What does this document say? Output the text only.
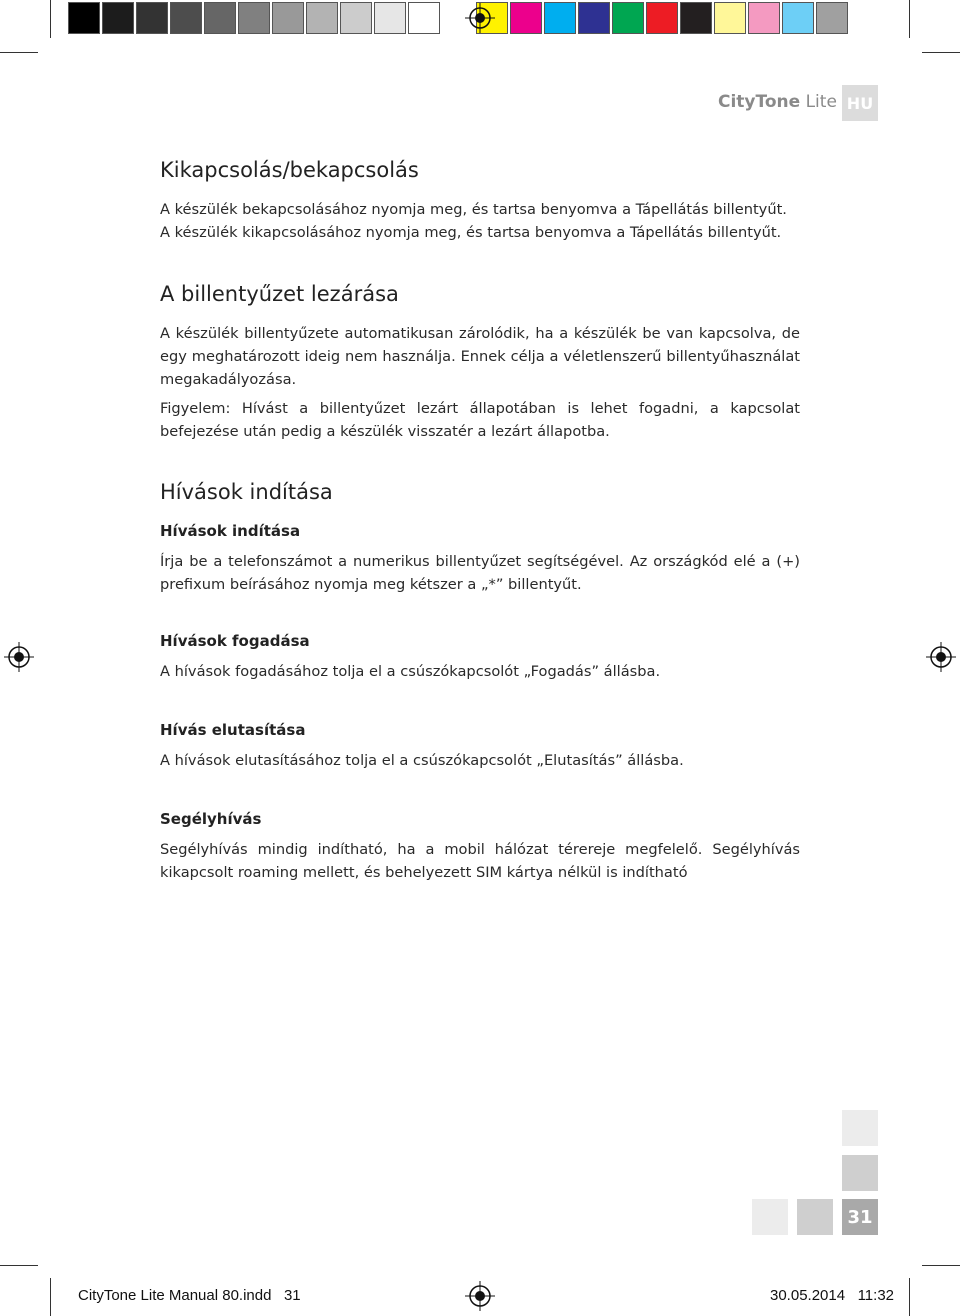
CityTone Lite HU
Kikapcsolás/bekapcsolás

A készülék bekapcsolásához nyomja meg, és tartsa benyomva a Tápellátás billentyűt.

A készülék kikapcsolásához nyomja meg, és tartsa benyomva a Tápellátás billentyűt.

A billentyűzet lezárása

A készülék billentyűzete automatikusan zárolódik, ha a készülék be van kapcsolva, de egy meghatározott ideig nem használja. Ennek célja a véletlenszerű billentyűhasználat megakadályozása.

Figyelem: Hívást a billentyűzet lezárt állapotában is lehet fogadni, a kapcsolat befejezése után pedig a készülék visszatér a lezárt állapotba.

Hívások indítása
Hívások indítása

Írja be a telefonszámot a numerikus billentyűzet segítségével. Az országkód elé a (+) prefixum beírásához nyomja meg kétszer a „*” billentyűt.

Hívások fogadása

A hívások fogadásához tolja el a csúszókapcsolót „Fogadás” állásba.

Hívás elutasítása

A hívások elutasításához tolja el a csúszókapcsolót „Elutasítás” állásba.

Segélyhívás

Segélyhívás mindig indítható, ha a mobil hálózat térereje megfelelő. Segélyhívás kikapcsolt roaming mellett, és behelyezett SIM kártya nélkül is indítható

31
CityTone Lite Manual 80.indd   31	30.05.2014   11:32
